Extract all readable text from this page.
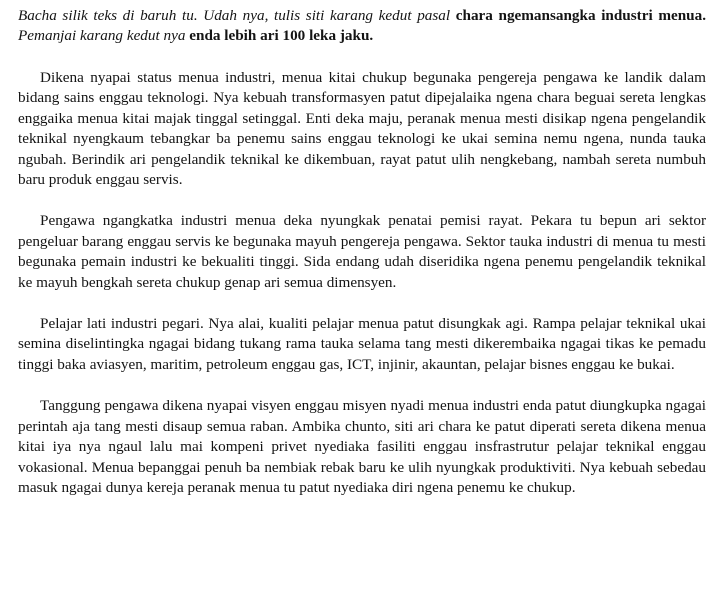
Bacha silik teks di baruh tu. Udah nya, tulis siti karang kedut pasal chara ngemansangka industri menua. Pemanjai karang kedut nya enda lebih ari 100 leka jaku.

Dikena nyapai status menua industri, menua kitai chukup begunaka pengereja pengawa ke landik dalam bidang sains enggau teknologi. Nya kebuah transformasyen patut dipejalaika ngena chara beguai sereta lengkas enggaika menua kitai majak tinggal setinggal. Enti deka maju, peranak menua mesti disikap ngena pengelandik teknikal nyengkaum tebangkar ba penemu sains enggau teknologi ke ukai semina nemu ngena, nunda tauka ngubah. Berindik ari pengelandik teknikal ke dikembuan, rayat patut ulih nengkebang, nambah sereta numbuh baru produk enggau servis.

Pengawa ngangkatka industri menua deka nyungkak penatai pemisi rayat. Pekara tu bepun ari sektor pengeluar barang enggau servis ke begunaka mayuh pengereja pengawa. Sektor tauka industri di menua tu mesti begunaka pemain industri ke bekualiti tinggi. Sida endang udah diseridika ngena penemu pengelandik teknikal ke mayuh bengkah sereta chukup genap ari semua dimensyen.

Pelajar lati industri pegari. Nya alai, kualiti pelajar menua patut disungkak agi. Rampa pelajar teknikal ukai semina diselintingka ngagai bidang tukang rama tauka selama tang mesti dikerembaika ngagai tikas ke pemadu tinggi baka aviasyen, maritim, petroleum enggau gas, ICT, injinir, akauntan, pelajar bisnes enggau ke bukai.

Tanggung pengawa dikena nyapai visyen enggau misyen nyadi menua industri enda patut diungkupka ngagai perintah aja tang mesti disaup semua raban. Ambika chunto, siti ari chara ke patut diperati sereta dikena menua kitai iya nya ngaul lalu mai kompeni privet nyediaka fasiliti enggau insfrastrutur pelajar teknikal enggau vokasional. Menua bepanggai penuh ba nembiak rebak baru ke ulih nyungkak produktiviti. Nya kebuah sebedau masuk ngagai dunya kereja peranak menua tu patut nyediaka diri ngena penemu ke chukup.
